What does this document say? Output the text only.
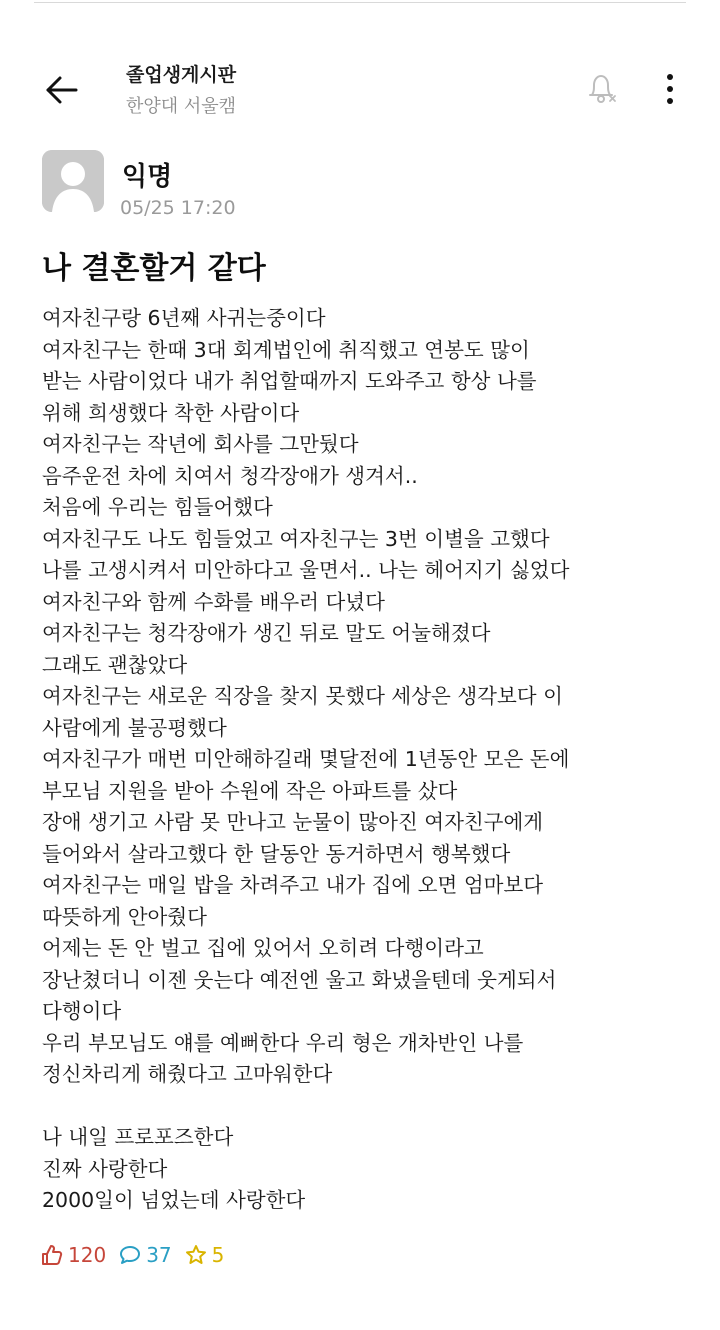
졸업생게시판
한양대 서울캠
익명
05/25 17:20
나 결혼할거 같다
여자친구랑 6년째 사귀는중이다
여자친구는 한때 3대 회계법인에 취직했고 연봉도 많이
받는 사람이었다 내가 취업할때까지 도와주고 항상 나를
위해 희생했다 착한 사람이다
여자친구는 작년에 회사를 그만뒀다
음주운전 차에 치여서 청각장애가 생겨서..
처음에 우리는 힘들어했다
여자친구도 나도 힘들었고 여자친구는 3번 이별을 고했다
나를 고생시켜서 미안하다고 울면서.. 나는 헤어지기 싫었다
여자친구와 함께 수화를 배우러 다녔다
여자친구는 청각장애가 생긴 뒤로 말도 어눌해졌다
그래도 괜찮았다
여자친구는 새로운 직장을 찾지 못했다 세상은 생각보다 이
사람에게 불공평했다
여자친구가 매번 미안해하길래 몇달전에 1년동안 모은 돈에
부모님 지원을 받아 수원에 작은 아파트를 샀다
장애 생기고 사람 못 만나고 눈물이 많아진 여자친구에게
들어와서 살라고했다 한 달동안 동거하면서 행복했다
여자친구는 매일 밥을 차려주고 내가 집에 오면 엄마보다
따뜻하게 안아줬다
어제는 돈 안 벌고 집에 있어서 오히려 다행이라고
장난쳤더니 이젠 웃는다 예전엔 울고 화냈을텐데 웃게되서
다행이다
우리 부모님도 얘를 예뻐한다 우리 형은 개차반인 나를
정신차리게 해줬다고 고마워한다
나 내일 프로포즈한다
진짜 사랑한다
2000일이 넘었는데 사랑한다
120 37 5
